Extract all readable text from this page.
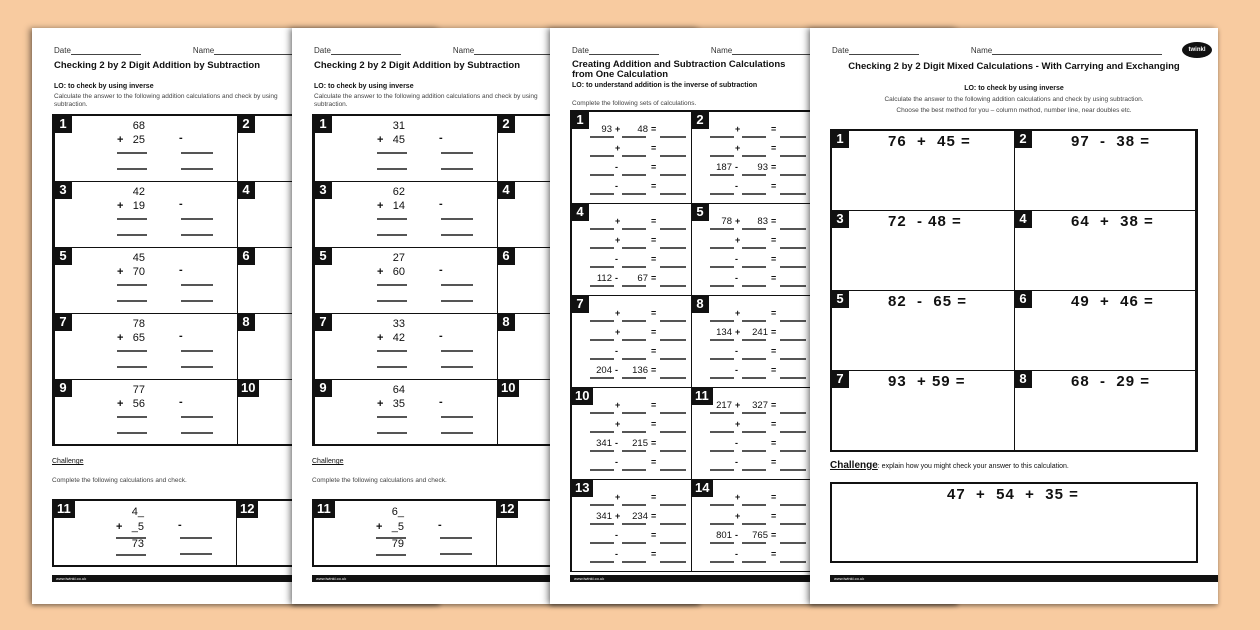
Date	Name
www.twinkl.co.uk
Checking 2 by 2 Digit Addition by Subtraction
LO: to check by using inverse
Calculate the answer to the following addition calculations and check by using subtraction.
1	68
+ 25	-
2
3	42
+ 19	-
4
5	45
+ 70	-
6
7	78
+ 65	-
8
9	77
+ 56	-
10
Challenge
Complete the following calculations and check.
11	4_
+ _5
73
-
12
Date	Name
www.twinkl.co.uk
Checking 2 by 2 Digit Addition by Subtraction
LO: to check by using inverse
Calculate the answer to the following addition calculations and check by using subtraction.
1	31
+ 45	-
2
3	62
+ 14	-
4
5	27
+ 60	-
6
7	33
+ 42	-
8
9	64
+ 35	-
10
Challenge
Complete the following calculations and check.
11	6_
+ _5
79
-
12
Date	Name
www.twinkl.co.uk
Creating Addition and Subtraction Calculations from One Calculation
LO: to understand addition is the inverse of subtraction
Complete the following sets of calculations.
1
+	=
93	48
+	=
-	=
-	=
2
+	=
+	=
-	=
187	93
-	=
4
+	=
+	=
-	=
-	=
112	67
5
+	=
78	83
+	=
-	=
-	=
7
+	=
+	=
-	=
-	=
204	136
8
+	=
+	=
134	241
-	=
-	=
10
+	=
+	=
-	=
341	215
-	=
11
+	=
217	327
+	=
-	=
-	=
13
+	=
+	=
341	234
-	=
-	=
14
+	=
+	=
-	=
801	765
-	=
Date	Name
www.twinkl.co.uk
twinkl
Checking 2 by 2 Digit Mixed Calculations - With Carrying and Exchanging
LO: to check by using inverse
Calculate the answer to the following addition calculations and check by using subtraction.
Choose the best method for you – column method, number line, near doubles etc.
1	76  +  45 =	2	97  -  38 =
3	72  - 48 =	4	64  +  38 =
5	82  -  65 =	6	49  +  46 =
7	93  + 59 =	8	68  -  29 =
Challenge: explain how you might check your answer to this calculation.
47  +  54  +  35 =
